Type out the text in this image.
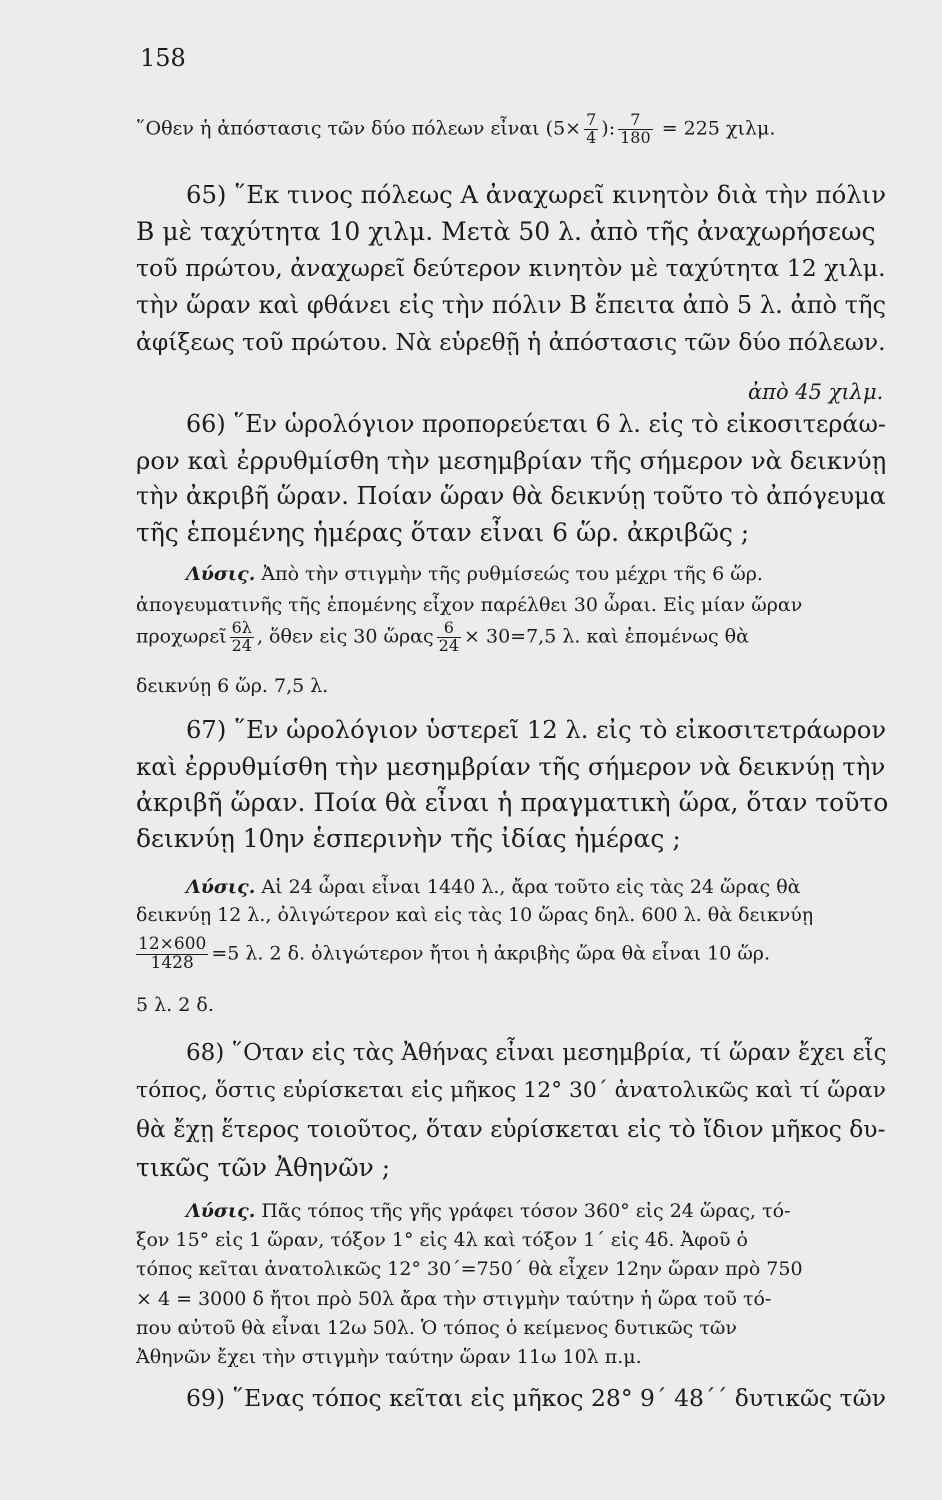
158
῞Οθεν ἡ ἀπόστασις τῶν δύο πόλεων εἶναι ($5\times \frac{7}{4}$ ): $\frac{7}{180} = 225$ χιλμ.
65) ῞Εκ τινος πόλεως Α ἀναχωρεῖ κινητὸν διὰ τὴν πόλιν
Β μὲ ταχύτητα 10 χιλμ. Μετὰ 50 λ. ἀπὸ τῆς ἀναχωρήσεως
τοῦ πρώτου, ἀναχωρεῖ δεύτερον κινητὸν μὲ ταχύτητα 12 χιλμ.
τὴν ὥραν καὶ φθάνει εἰς τὴν πόλιν Β ἔπειτα ἀπὸ 5 λ. ἀπὸ τῆς
ἀφίξεως τοῦ πρώτου. Νὰ εὑρεθῇ ἡ ἀπόστασις τῶν δύο πόλεων.
ἀπὸ 45 χιλμ.
66) ῞Εν ὡρολόγιον προπορεύεται 6 λ. εἰς τὸ εἰκοσιτεράω-
ρον καὶ ἐρρυθμίσθη τὴν μεσημβρίαν τῆς σήμερον νὰ δεικνύῃ
τὴν ἀκριβῆ ὥραν. Ποίαν ὥραν θὰ δεικνύῃ τοῦτο τὸ ἀπόγευμα
τῆς ἑπομένης ἡμέρας ὅταν εἶναι 6 ὥρ. ἀκριβῶς ;
Λύσις. Ἀπὸ τὴν στιγμὴν τῆς ρυθμίσεώς του μέχρι τῆς 6 ὥρ.
ἀπογευματινῆς τῆς ἑπομένης εἶχον παρέλθει 30 ὧραι. Εἰς μίαν ὥραν
προχωρεῖ $\frac{6\lambda}{24}$ , ὅθεν εἰς 30 ὥρας $\frac{6}{24} \times 30=7,5$ λ. καὶ ἑπομένως θὰ
δεικνύῃ 6 ὥρ. 7,5 λ.
67) ῞Εν ὡρολόγιον ὑστερεῖ 12 λ. εἰς τὸ εἰκοσιτετράωρον
καὶ ἐρρυθμίσθη τὴν μεσημβρίαν τῆς σήμερον νὰ δεικνύῃ τὴν
ἀκριβῆ ὥραν. Ποία θὰ εἶναι ἡ πραγματικὴ ὥρα, ὅταν τοῦτο
δεικνύῃ 10ην ἑσπερινὴν τῆς ἰδίας ἡμέρας ;
Λύσις. Αἱ 24 ὧραι εἶναι 1440 λ., ἄρα τοῦτο εἰς τὰς 24 ὥρας θὰ
δεικνύῃ 12 λ., ὀλιγώτερον καὶ εἰς τὰς 10 ὥρας δηλ. 600 λ. θὰ δεικνύῃ
$\frac{12\times 600}{1428} =5$ λ. 2 δ. ὀλιγώτερον ἤτοι ἡ ἀκριβὴς ὥρα θὰ εἶναι 10 ὥρ.
5 λ. 2 δ.
68) ῞Οταν εἰς τὰς Ἀθήνας εἶναι μεσημβρία, τί ὥραν ἔχει εἷς
τόπος, ὅστις εὑρίσκεται εἰς μῆκος 12° 30΄ ἀνατολικῶς καὶ τί ὥραν
θὰ ἔχῃ ἕτερος τοιοῦτος, ὅταν εὑρίσκεται εἰς τὸ ἴδιον μῆκος δυ-
τικῶς τῶν Ἀθηνῶν ;
Λύσις. Πᾶς τόπος τῆς γῆς γράφει τόσον 360° εἰς 24 ὥρας, τό-
ξον 15° εἰς 1 ὥραν, τόξον 1° εἰς 4λ καὶ τόξον 1΄ εἰς 4δ. Ἀφοῦ ὁ
τόπος κεῖται ἀνατολικῶς 12° 30΄=750΄ θὰ εἶχεν 12ην ὥραν πρὸ 750
× 4 = 3000 δ ἤτοι πρὸ 50λ ἄρα τὴν στιγμὴν ταύτην ἡ ὥρα τοῦ τό-
που αὐτοῦ θὰ εἶναι 12ω 50λ. Ὁ τόπος ὁ κείμενος δυτικῶς τῶν
Ἀθηνῶν ἔχει τὴν στιγμὴν ταύτην ὥραν 11ω 10λ π.μ.
69) ῞Ενας τόπος κεῖται εἰς μῆκος 28° 9΄ 48΄΄ δυτικῶς τῶν
